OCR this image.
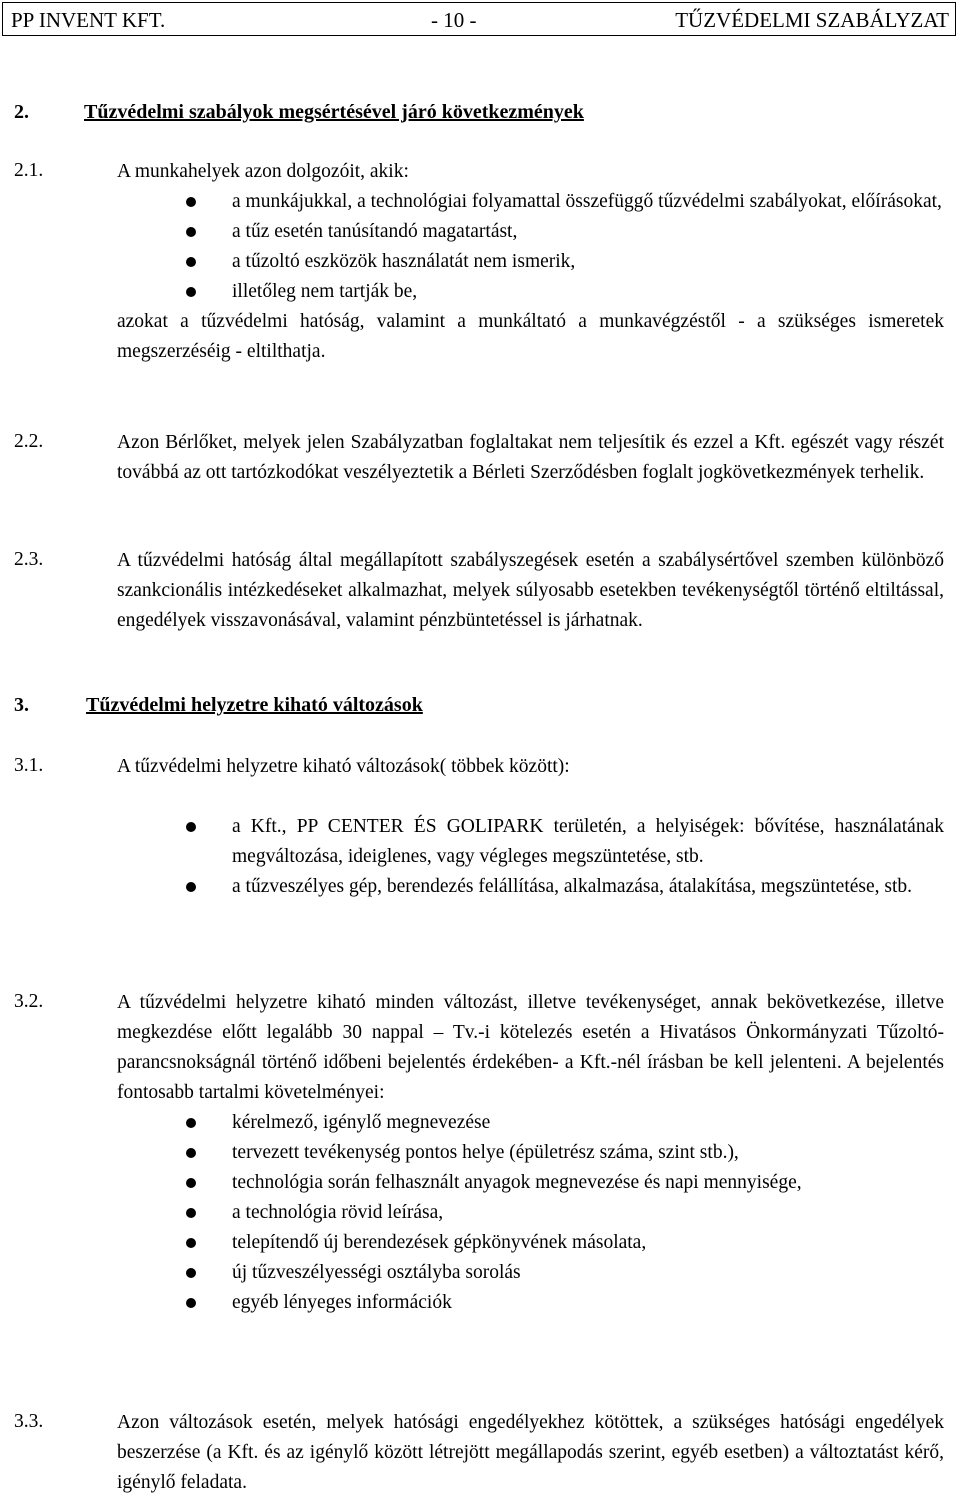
PP INVENT KFT.	- 10 -	TŰZVÉDELMI SZABÁLYZAT
2.	Tűzvédelmi szabályok megsértésével járó következmények
2.1.	A munkahelyek azon dolgozóit, akik:

a munkájukkal, a technológiai folyamattal összefüggő tűzvédelmi szabályokat, előírásokat,
a tűz esetén tanúsítandó magatartást,
a tűzoltó eszközök használatát nem ismerik,
illetőleg nem tartják be,
azokat a tűzvédelmi hatóság, valamint a munkáltató a munkavégzéstől - a szükséges ismeretek megszerzéséig - eltilthatja.
2.2.	Azon Bérlőket, melyek jelen Szabályzatban foglaltakat nem teljesítik és ezzel a Kft. egészét vagy részét továbbá az ott tartózkodókat veszélyeztetik a Bérleti Szerződésben foglalt jogkövetkezmények terhelik.
2.3.	A tűzvédelmi hatóság által megállapított szabályszegések esetén a szabálysértővel szemben különböző szankcionális intézkedéseket alkalmazhat, melyek súlyosabb esetekben tevékenységtől történő eltiltással, engedélyek visszavonásával, valamint pénzbüntetéssel is járhatnak.
3.	Tűzvédelmi helyzetre kiható változások
3.1.	A tűzvédelmi helyzetre kiható változások( többek között):

a Kft., PP CENTER ÉS GOLIPARK területén, a helyiségek: bővítése, használatának megváltozása, ideiglenes, vagy végleges megszüntetése, stb.
a tűzveszélyes gép, berendezés felállítása, alkalmazása, átalakítása, megszüntetése, stb.
3.2.	A tűzvédelmi helyzetre kiható minden változást, illetve tevékenységet, annak bekövetkezése, illetve megkezdése előtt legalább 30 nappal – Tv.-i kötelezés esetén a Hivatásos Önkormányzati Tűzoltó-parancsnokságnál történő időbeni bejelentés érdekében- a Kft.-nél írásban be kell jelenteni. A bejelentés fontosabb tartalmi követelményei:
kérelmező, igénylő megnevezése
tervezett tevékenység pontos helye (épületrész száma, szint stb.),
technológia során felhasznált anyagok megnevezése és napi mennyisége,
a technológia rövid leírása,
telepítendő új berendezések gépkönyvének másolata,
új tűzveszélyességi osztályba sorolás
egyéb lényeges információk
3.3.	Azon változások esetén, melyek hatósági engedélyekhez kötöttek, a szükséges hatósági engedélyek beszerzése (a Kft. és az igénylő között létrejött megállapodás szerint, egyéb esetben) a változtatást kérő, igénylő feladata.
